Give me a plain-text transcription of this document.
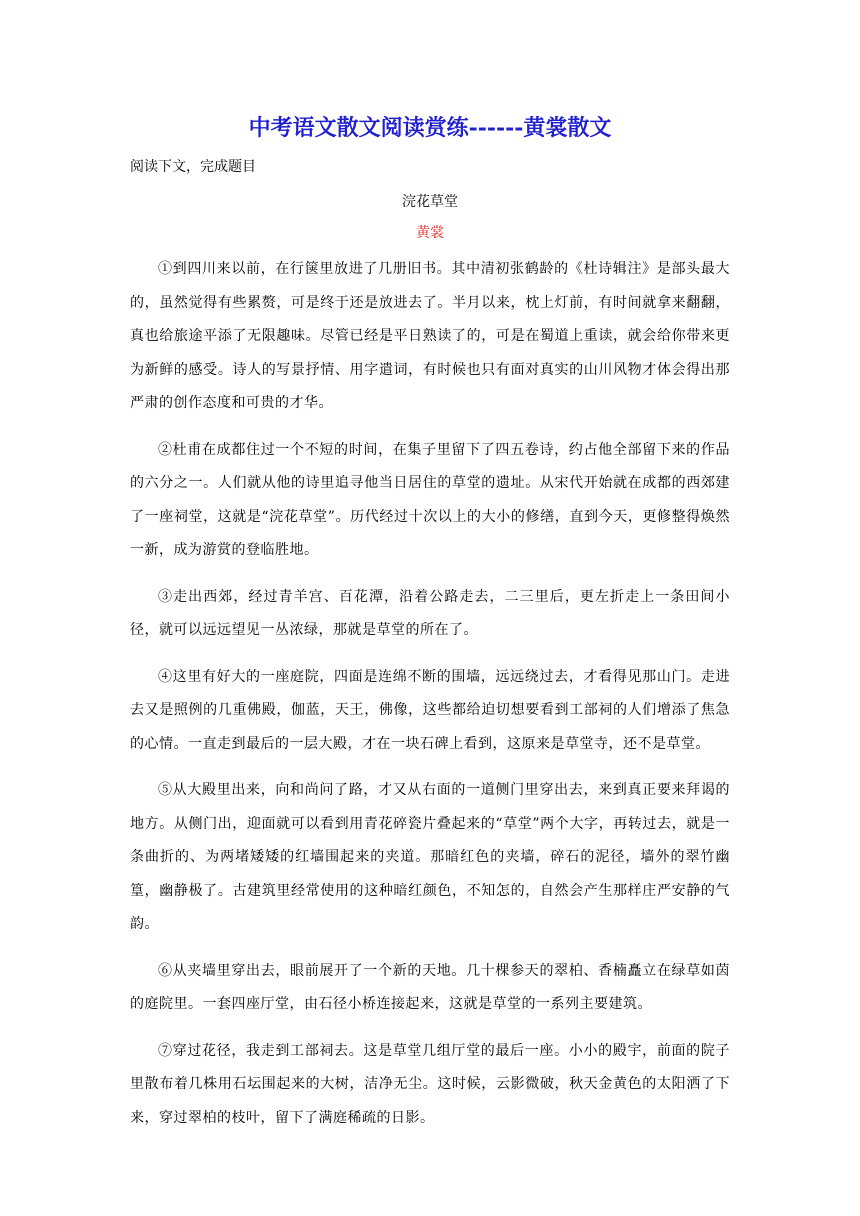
中考语文散文阅读赏练------黄裳散文
阅读下文，完成题目
浣花草堂
黄裳

①到四川来以前，在行箧里放进了几册旧书。其中清初张鹤龄的《杜诗辑注》是部头最大的，虽然觉得有些累赘，可是终于还是放进去了。半月以来，枕上灯前，有时间就拿来翻翻，真也给旅途平添了无限趣味。尽管已经是平日熟读了的，可是在蜀道上重读，就会给你带来更为新鲜的感受。诗人的写景抒情、用字遣词，有时候也只有面对真实的山川风物才体会得出那严肃的创作态度和可贵的才华。

②杜甫在成都住过一个不短的时间，在集子里留下了四五卷诗，约占他全部留下来的作品的六分之一。人们就从他的诗里追寻他当日居住的草堂的遗址。从宋代开始就在成都的西郊建了一座祠堂，这就是“浣花草堂”。历代经过十次以上的大小的修缮，直到今天，更修整得焕然一新，成为游赏的登临胜地。

③走出西郊，经过青羊宫、百花潭，沿着公路走去，二三里后，更左折走上一条田间小径，就可以远远望见一丛浓绿，那就是草堂的所在了。

④这里有好大的一座庭院，四面是连绵不断的围墙，远远绕过去，才看得见那山门。走进去又是照例的几重佛殿，伽蓝，天王，佛像，这些都给迫切想要看到工部祠的人们增添了焦急的心情。一直走到最后的一层大殿，才在一块石碑上看到，这原来是草堂寺，还不是草堂。

⑤从大殿里出来，向和尚问了路，才又从右面的一道侧门里穿出去，来到真正要来拜谒的地方。从侧门出，迎面就可以看到用青花碎瓷片叠起来的“草堂”两个大字，再转过去，就是一条曲折的、为两堵矮矮的红墙围起来的夹道。那暗红色的夹墙，碎石的泥径，墙外的翠竹幽篁，幽静极了。古建筑里经常使用的这种暗红颜色，不知怎的，自然会产生那样庄严安静的气韵。

⑥从夹墙里穿出去，眼前展开了一个新的天地。几十棵参天的翠柏、香楠矗立在绿草如茵的庭院里。一套四座厅堂，由石径小桥连接起来，这就是草堂的一系列主要建筑。

⑦穿过花径，我走到工部祠去。这是草堂几组厅堂的最后一座。小小的殿宇，前面的院子里散布着几株用石坛围起来的大树，洁净无尘。这时候，云影微破，秋天金黄色的太阳洒了下来，穿过翠柏的枝叶，留下了满庭稀疏的日影。
